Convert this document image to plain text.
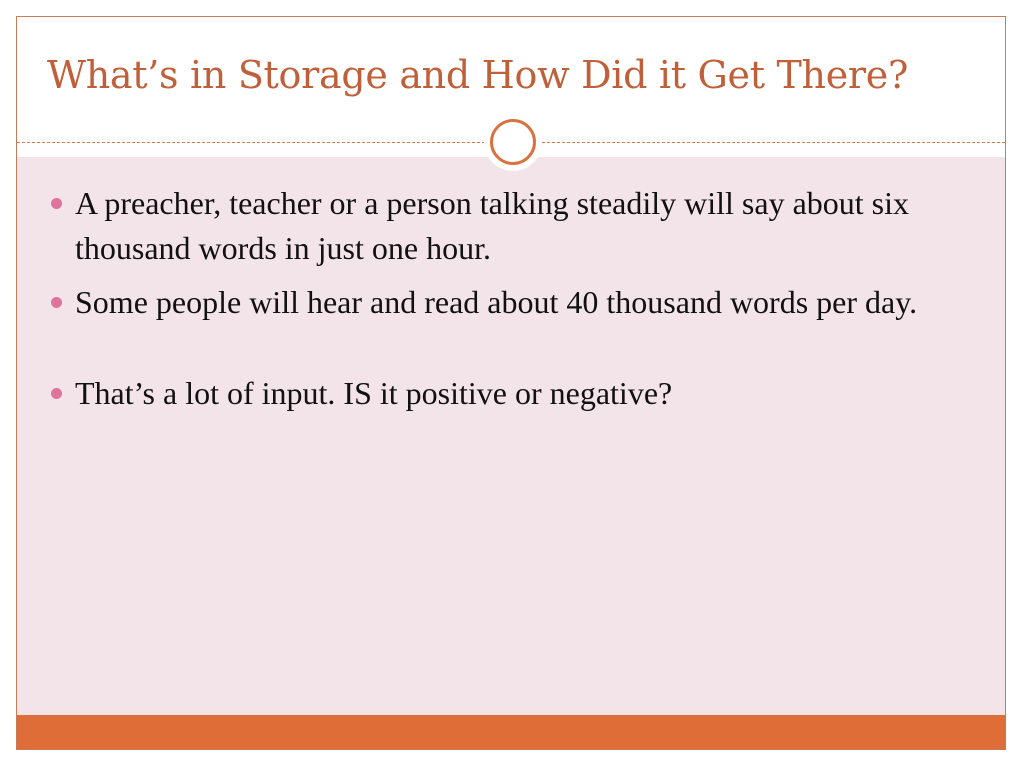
What’s in Storage and How Did it Get There?
A preacher, teacher or a person talking steadily will say about six thousand words in just one hour.
Some people will hear and read about 40 thousand words per day.
That’s a lot of input. IS it positive or negative?
